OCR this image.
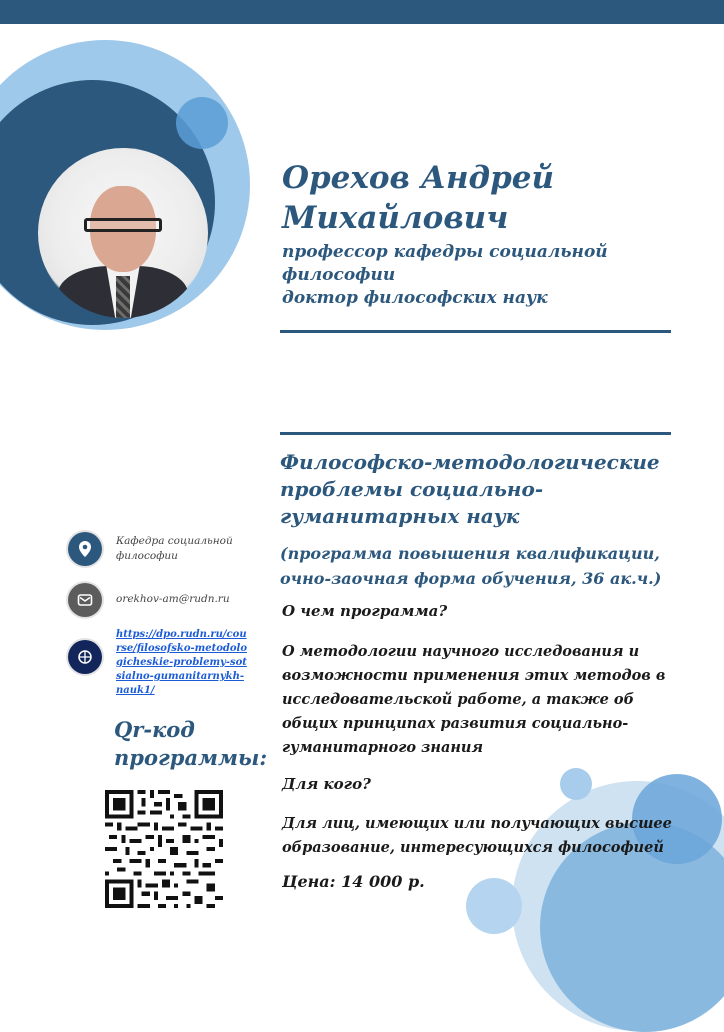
Орехов Андрей Михайлович
профессор кафедры социальной философии
доктор философских наук
Философско-методологические проблемы социально-гуманитарных наук
(программа повышения квалификации, очно-заочная форма обучения, 36 ак.ч.)
О чем программа?
О методологии научного исследования и возможности применения этих методов в исследовательской работе, а также об общих принципах развития социально-гуманитарного знания
Для кого?
Для лиц, имеющих или получающих высшее образование, интересующихся философией
Цена: 14 000 р.
Кафедра социальной философии
orekhov-am@rudn.ru
https://dpo.rudn.ru/course/filosofsko-metodologicheskie-problemy-sotsialno-gumanitarnykh-nauk1/
Qr-код программы:
